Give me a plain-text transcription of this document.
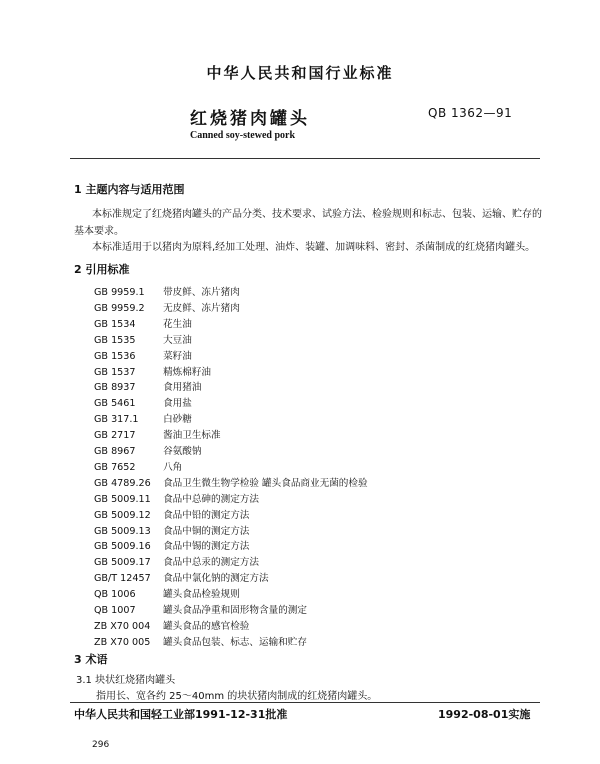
中华人民共和国行业标准
红烧猪肉罐头	QB 1362—91
Canned soy-stewed pork
1 主题内容与适用范围
本标准规定了红烧猪肉罐头的产品分类、技术要求、试验方法、检验规则和标志、包装、运输、贮存的
基本要求。
本标准适用于以猪肉为原料,经加工处理、油炸、装罐、加调味料、密封、杀菌制成的红烧猪肉罐头。
2 引用标准
GB 9959.1 带皮鲜、冻片猪肉
GB 9959.2 无皮鲜、冻片猪肉
GB 1534	花生油
GB 1535	大豆油
GB 1536	菜籽油
GB 1537	精炼棉籽油
GB 8937	食用猪油
GB 5461	食用盐
GB 317.1	白砂糖
GB 2717	酱油卫生标准
GB 8967	谷氨酸钠
GB 7652	八角
GB 4789.26 食品卫生微生物学检验 罐头食品商业无菌的检验
GB 5009.11 食品中总砷的测定方法
GB 5009.12 食品中铅的测定方法
GB 5009.13 食品中铜的测定方法
GB 5009.16 食品中锡的测定方法
GB 5009.17 食品中总汞的测定方法
GB/T 12457 食品中氯化钠的测定方法
QB 1006	罐头食品检验规则
QB 1007	罐头食品净重和固形物含量的测定
ZB X70 004 罐头食品的感官检验
ZB X70 005 罐头食品包装、标志、运输和贮存
3 术语
3.1 块状红烧猪肉罐头
指用长、宽各约 25～40mm 的块状猪肉制成的红烧猪肉罐头。
中华人民共和国轻工业部1991-12-31批准	1992-08-01实施
296
